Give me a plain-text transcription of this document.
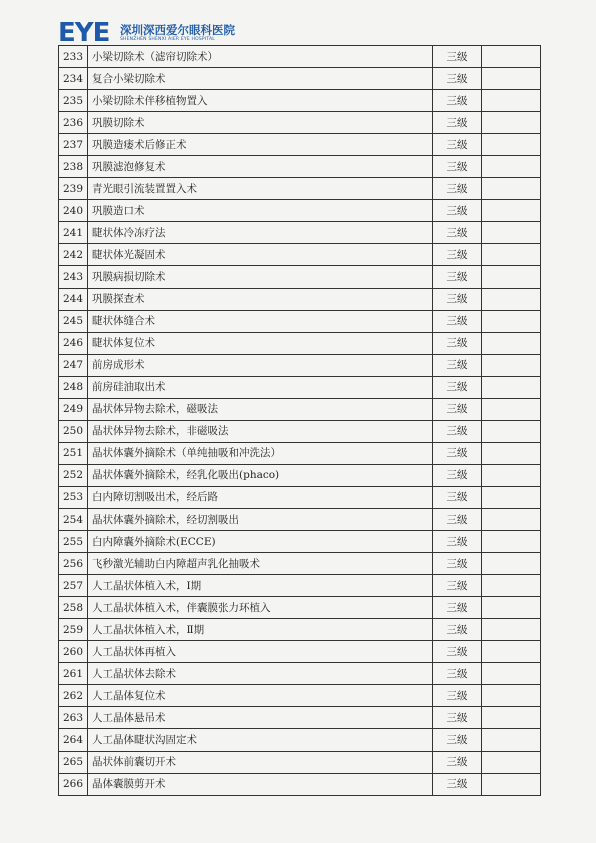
EYE 深圳深西爱尔眼科医院
SHENZHEN SHENXI AIER EYE HOSPITAL
233	小梁切除术（滤帘切除术）	三级	
234	复合小梁切除术	三级	
235	小梁切除术伴移植物置入	三级	
236	巩膜切除术	三级	
237	巩膜造瘘术后修正术	三级	
238	巩膜滤泡修复术	三级	
239	青光眼引流装置置入术	三级	
240	巩膜造口术	三级	
241	睫状体冷冻疗法	三级	
242	睫状体光凝固术	三级	
243	巩膜病损切除术	三级	
244	巩膜探查术	三级	
245	睫状体缝合术	三级	
246	睫状体复位术	三级	
247	前房成形术	三级	
248	前房硅油取出术	三级	
249	晶状体异物去除术，磁吸法	三级	
250	晶状体异物去除术，非磁吸法	三级	
251	晶状体囊外摘除术（单纯抽吸和冲洗法）	三级	
252	晶状体囊外摘除术，经乳化吸出(phaco)	三级	
253	白内障切割吸出术，经后路	三级	
254	晶状体囊外摘除术，经切割吸出	三级	
255	白内障囊外摘除术(ECCE)	三级	
256	飞秒激光辅助白内障超声乳化抽吸术	三级	
257	人工晶状体植入术，Ⅰ期	三级	
258	人工晶状体植入术，伴囊膜张力环植入	三级	
259	人工晶状体植入术，Ⅱ期	三级	
260	人工晶状体再植入	三级	
261	人工晶状体去除术	三级	
262	人工晶体复位术	三级	
263	人工晶体悬吊术	三级	
264	人工晶体睫状沟固定术	三级	
265	晶状体前囊切开术	三级	
266	晶体囊膜剪开术	三级	
